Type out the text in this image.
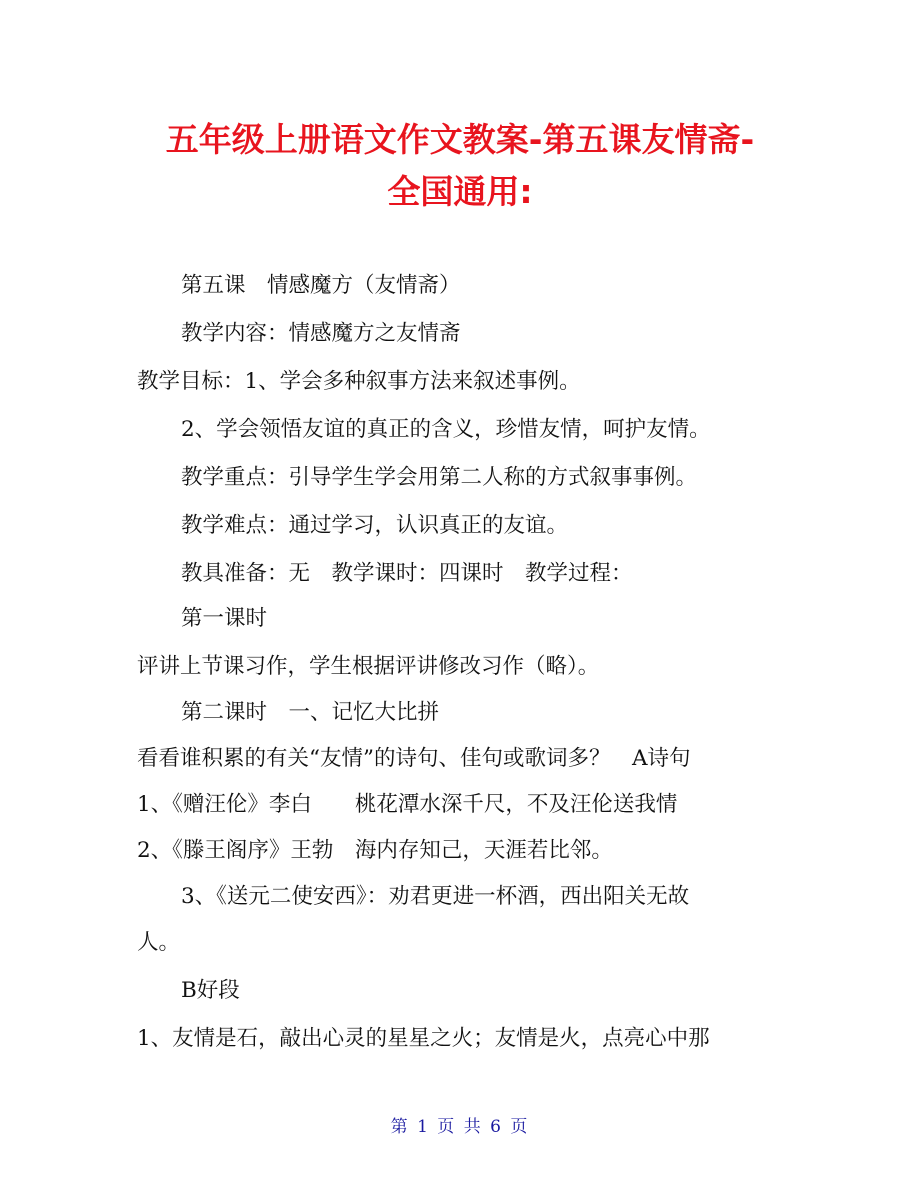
五年级上册语文作文教案-第五课友情斋-
全国通用:
第五课　情感魔方（友情斋）
教学内容：情感魔方之友情斋
教学目标：1、学会多种叙事方法来叙述事例。
2、学会领悟友谊的真正的含义，珍惜友情，呵护友情。
教学重点：引导学生学会用第二人称的方式叙事事例。
教学难点：通过学习，认识真正的友谊。
教具准备：无　教学课时：四课时　教学过程：
第一课时
评讲上节课习作，学生根据评讲修改习作（略）。
第二课时　一、记忆大比拼
看看谁积累的有关“友情”的诗句、佳句或歌词多？　A诗句
1、《赠汪伦》李白　　桃花潭水深千尺，不及汪伦送我情
2、《滕王阁序》王勃　海内存知己，天涯若比邻。
3、《送元二使安西》：劝君更进一杯酒，西出阳关无故
人。
B好段
1、友情是石，敲出心灵的星星之火；友情是火，点亮心中那
第 1 页 共 6 页
